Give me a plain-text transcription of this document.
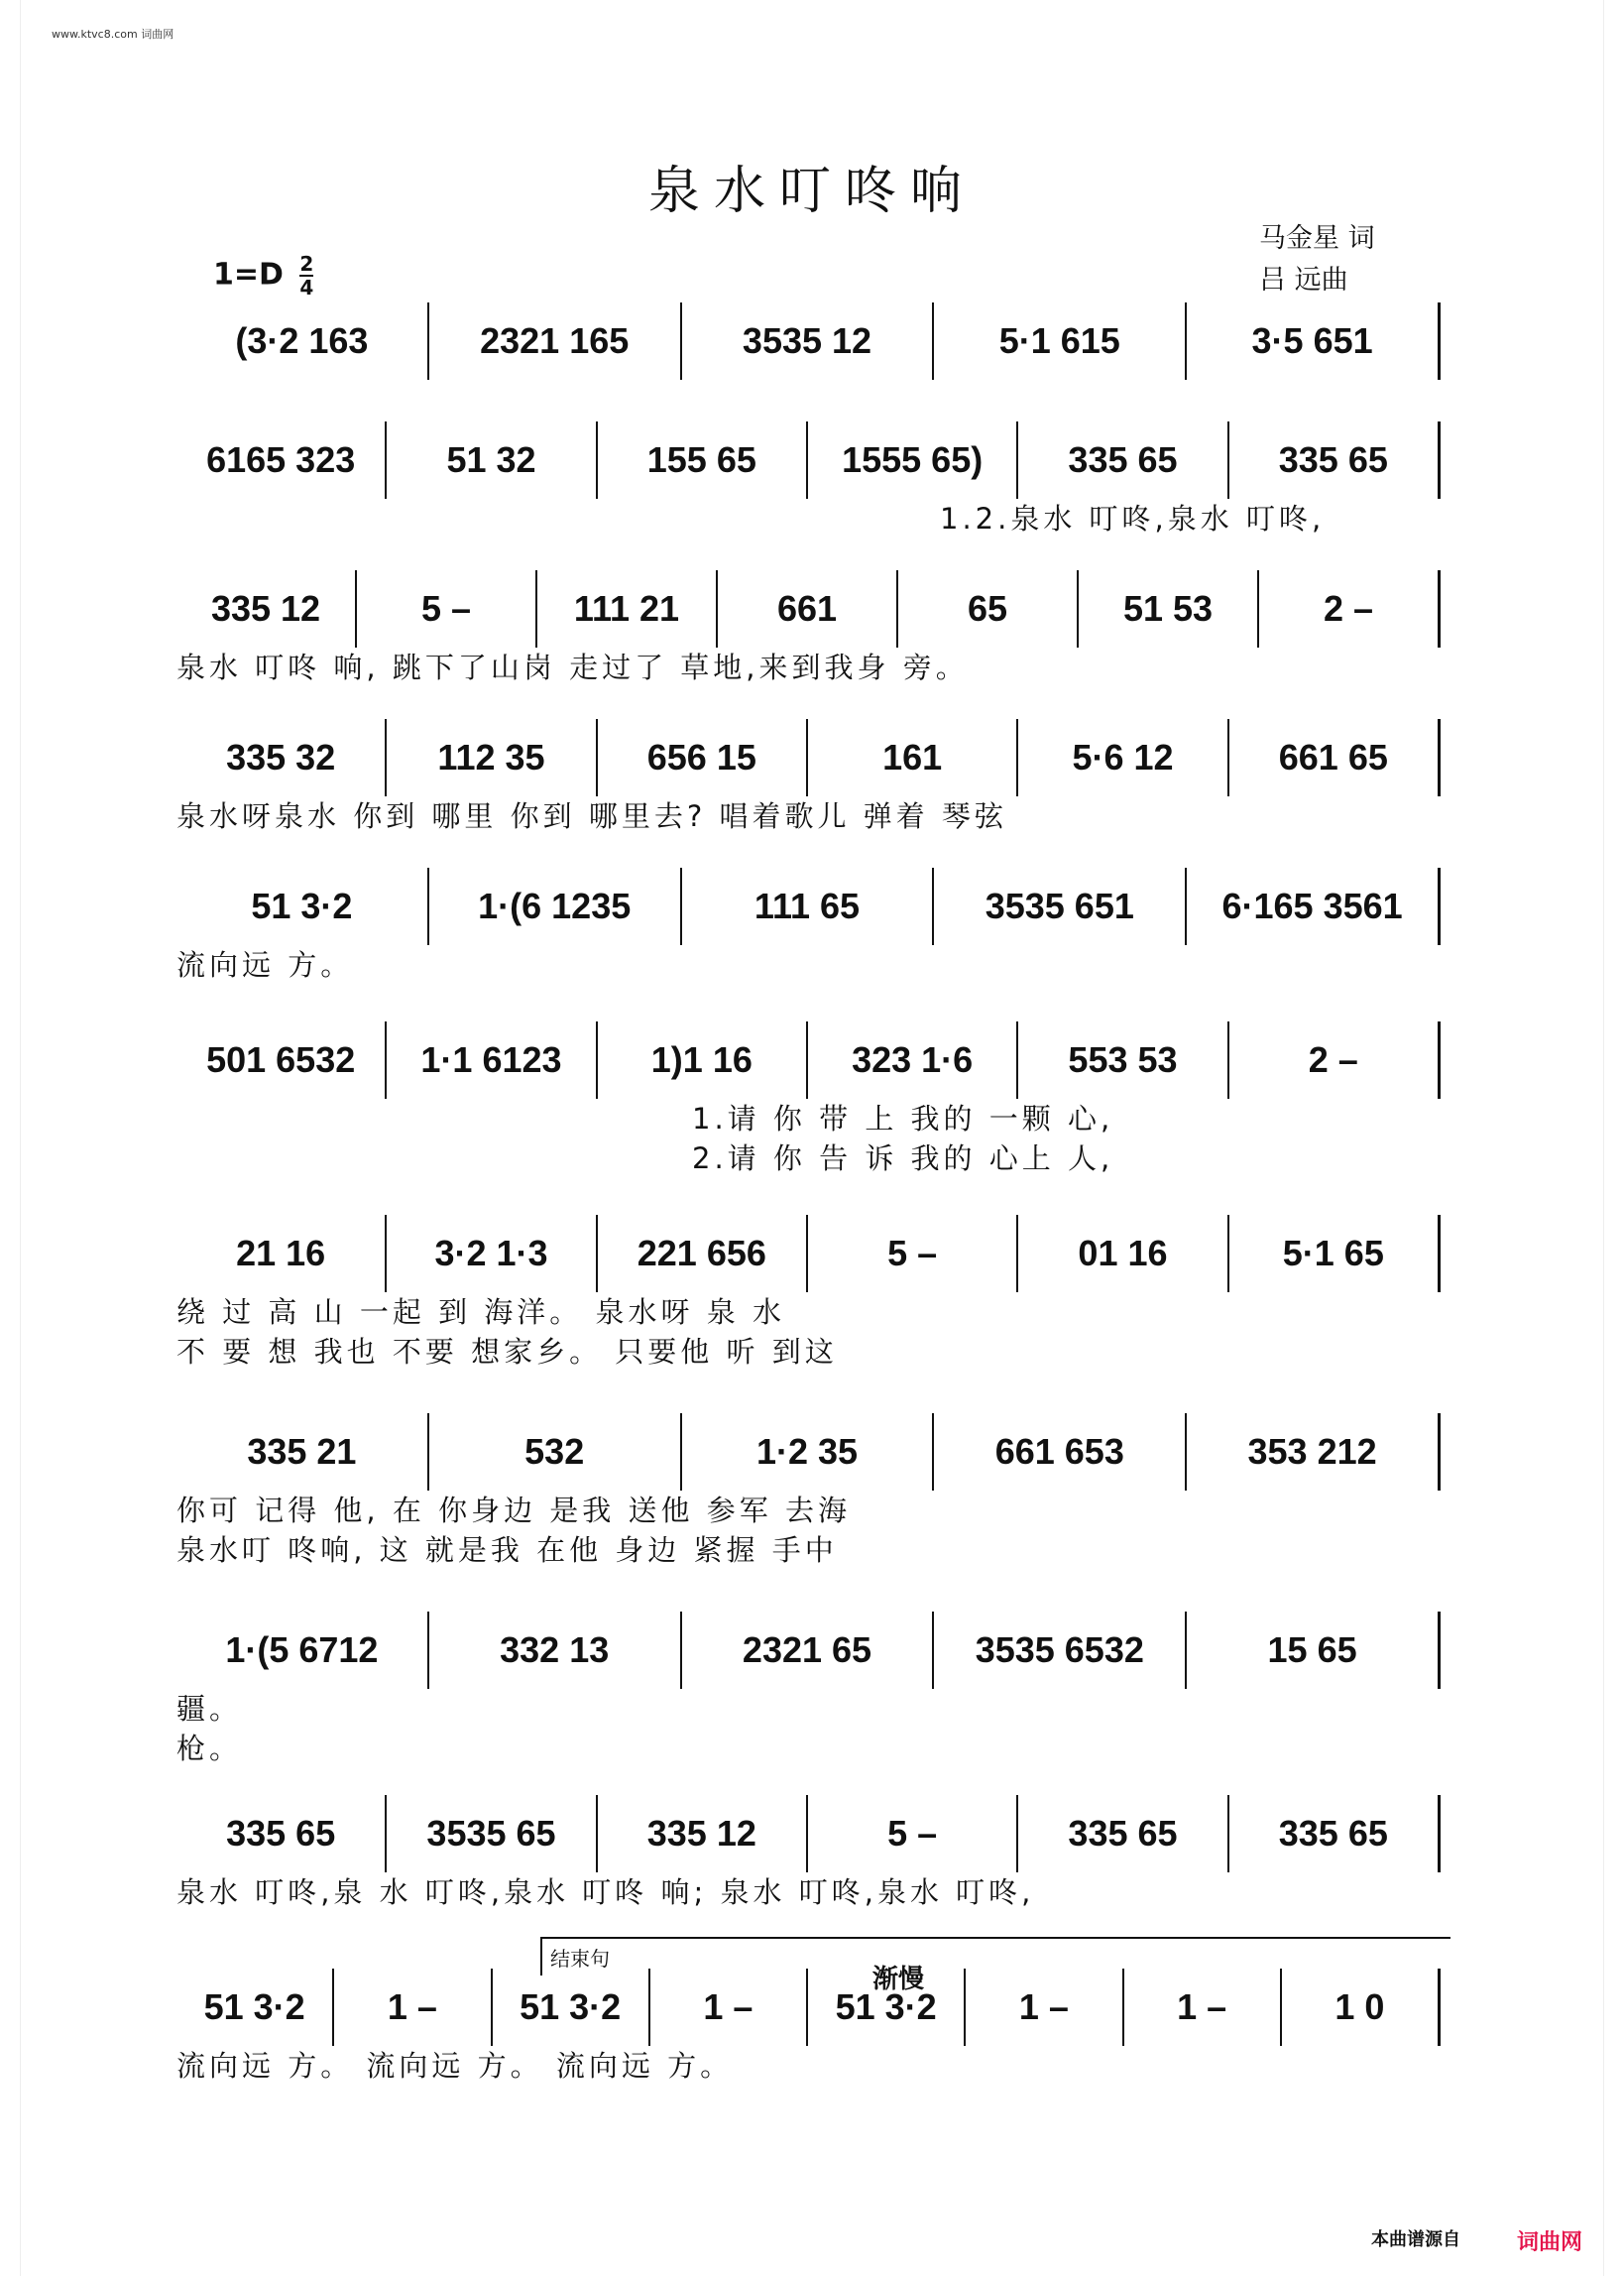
www.ktvc8.com 词曲网
泉水叮咚响
马金星 词
吕 远曲
$1=D \frac{2}{4}$
(3·2 163	2321 165	3535 12	5·1 615	3·5 651
6165 323	51 32	155 65	1555 65)	335 65	335 65
1.2.泉水 叮咚,泉水 叮咚,
335 12	5 –	111 21	661	65	51 53	2 –
泉水 叮咚 响, 跳下了山岗 走过了 草地,来到我身 旁。
335 32	112 35	656 15	161	5·6 12	661 65
泉水呀泉水 你到 哪里 你到 哪里去? 唱着歌儿 弹着 琴弦
51 3·2	1·(6 1235	111 65	3535 651	6·165 3561
流向远 方。
501 6532	1·1 6123	1)1 16	323 1·6	553 53	2 –
1.请 你 带 上 我的 一颗 心,
2.请 你 告 诉 我的 心上 人,
21 16	3·2 1·3	221 656	5 –	01 16	5·1 65
绕 过 高 山 一起 到 海洋。 泉水呀 泉 水
不 要 想 我也 不要 想家乡。 只要他 听 到这
335 21	532	1·2 35	661 653	353 212
你可 记得 他, 在 你身边 是我 送他 参军 去海
泉水叮 咚响, 这 就是我 在他 身边 紧握 手中
1·(5 6712	332 13	2321 65	3535 6532	15 65
疆。
枪。
335 65	3535 65	335 12	5 –	335 65	335 65
泉水 叮咚,泉 水 叮咚,泉水 叮咚 响; 泉水 叮咚,泉水 叮咚,
51 3·2	1 –	51 3·2	1 –	51 3·2	1 –	1 –	1 0
流向远 方。 流向远 方。 流向远 方。
结束句
渐慢
本曲谱源自	词曲网
